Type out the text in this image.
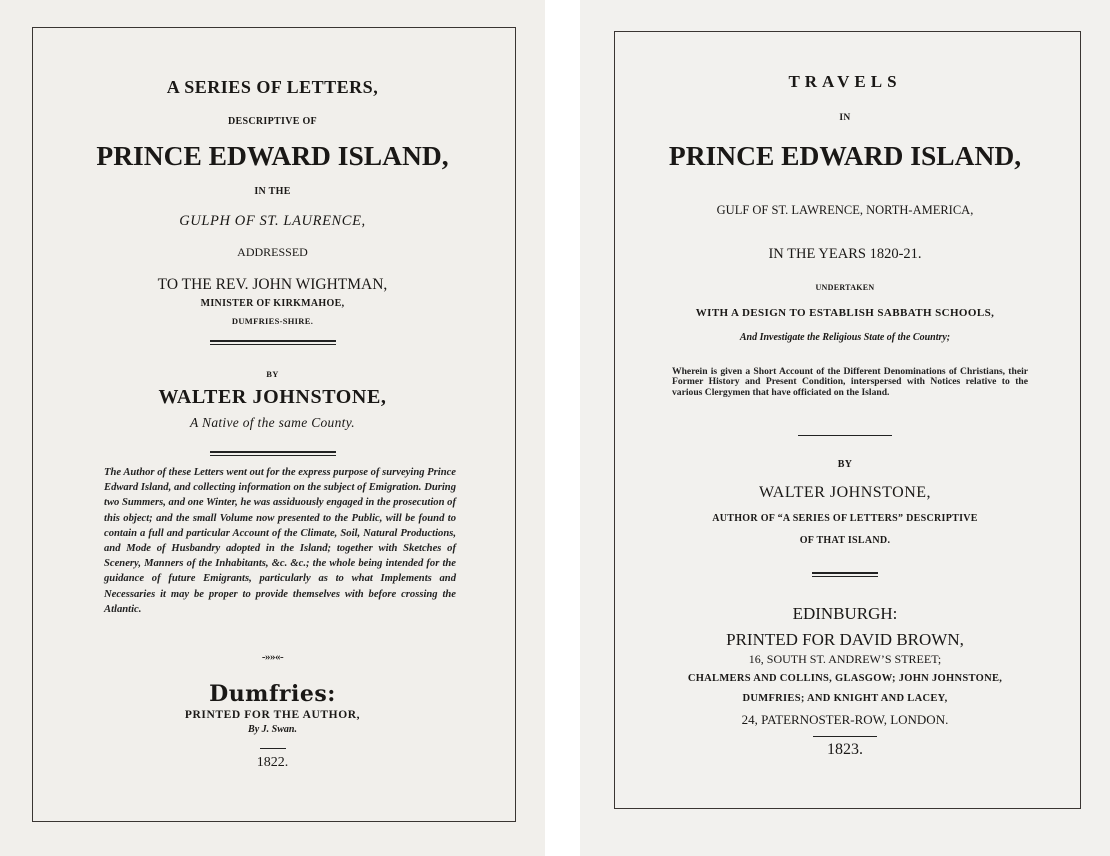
A SERIES OF LETTERS,
DESCRIPTIVE OF
PRINCE EDWARD ISLAND,
IN THE
GULPH OF ST. LAURENCE,
ADDRESSED
TO THE REV. JOHN WIGHTMAN,
MINISTER OF KIRKMAHOE,
DUMFRIES-SHIRE.
BY
WALTER JOHNSTONE,
A Native of the same County.
The Author of these Letters went out for the express purpose of surveying Prince Edward Island, and collecting information on the subject of Emigration. During two Summers, and one Winter, he was assiduously engaged in the prosecution of this object; and the small Volume now presented to the Public, will be found to contain a full and particular Account of the Climate, Soil, Natural Productions, and Mode of Husbandry adopted in the Island; together with Sketches of Scenery, Manners of the Inhabitants, &c. &c.; the whole being intended for the guidance of future Emigrants, particularly as to what Implements and Necessaries it may be proper to provide themselves with before crossing the Atlantic.
-»»«-
Dumfries:
PRINTED FOR THE AUTHOR,
By J. Swan.
1822.
TRAVELS
IN
PRINCE EDWARD ISLAND,
GULF OF ST. LAWRENCE, NORTH-AMERICA,
IN THE YEARS 1820-21.
UNDERTAKEN
WITH A DESIGN TO ESTABLISH SABBATH SCHOOLS,
And Investigate the Religious State of the Country;
Wherein is given a Short Account of the Different Denominations of Christians, their Former History and Present Condition, interspersed with Notices relative to the various Clergymen that have officiated on the Island.
BY
WALTER JOHNSTONE,
AUTHOR OF “A SERIES OF LETTERS” DESCRIPTIVE
OF THAT ISLAND.
EDINBURGH:
PRINTED FOR DAVID BROWN,
16, SOUTH ST. ANDREW’S STREET;
CHALMERS AND COLLINS, GLASGOW; JOHN JOHNSTONE,
DUMFRIES; AND KNIGHT AND LACEY,
24, PATERNOSTER-ROW, LONDON.
1823.
